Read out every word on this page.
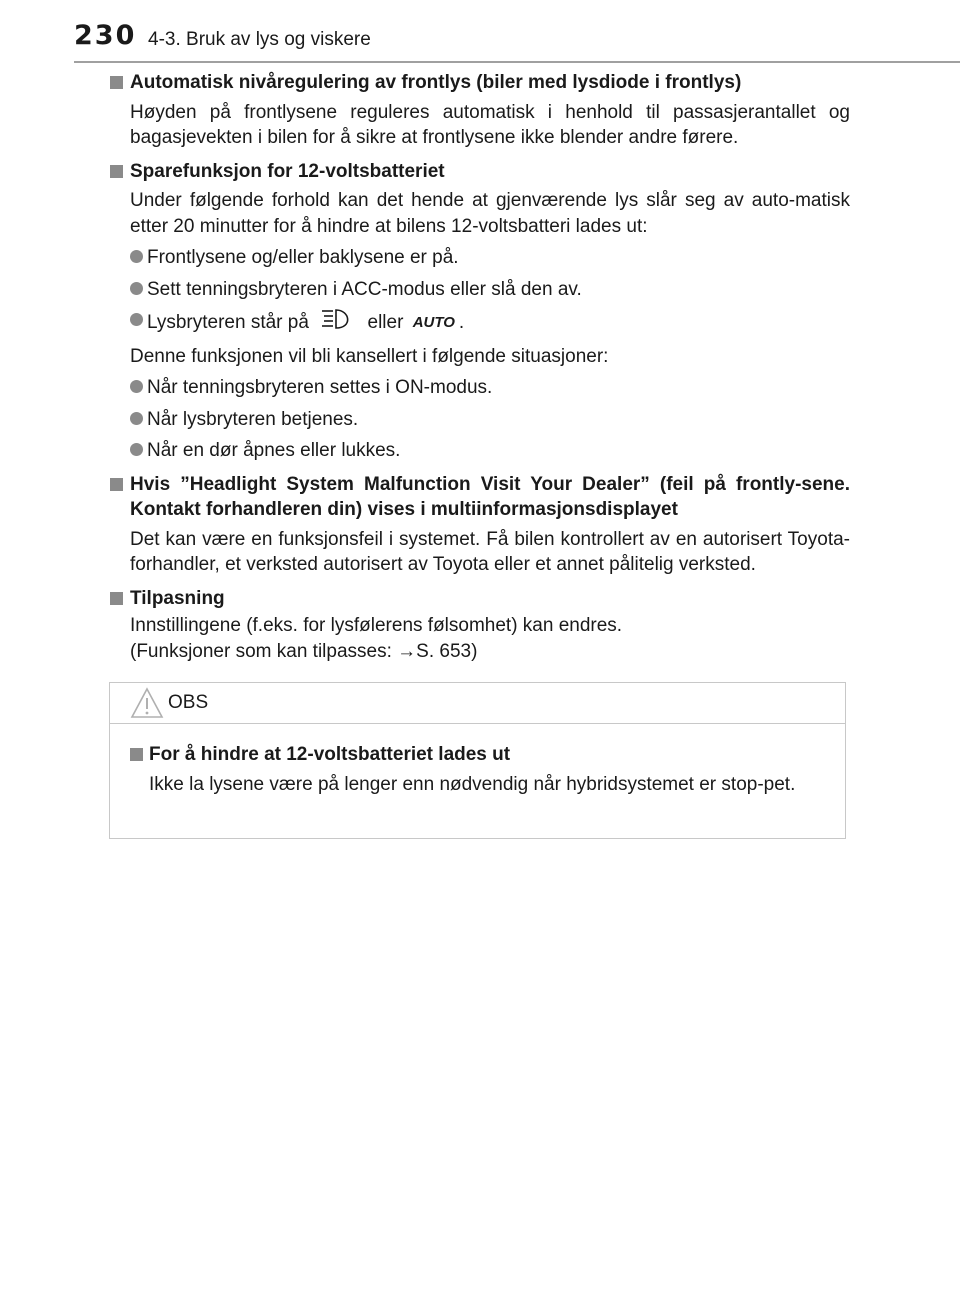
230 4-3. Bruk av lys og viskere
Automatisk nivåregulering av frontlys (biler med lysdiode i frontlys)
Høyden på frontlysene reguleres automatisk i henhold til passasjerantallet og bagasjevekten i bilen for å sikre at frontlysene ikke blender andre førere.
Sparefunksjon for 12-voltsbatteriet
Under følgende forhold kan det hende at gjenværende lys slår seg av auto-matisk etter 20 minutter for å hindre at bilens 12-voltsbatteri lades ut:
Frontlysene og/eller baklysene er på.
Sett tenningsbryteren i ACC-modus eller slå den av.
Lysbryteren står på	eller AUTO .
Denne funksjonen vil bli kansellert i følgende situasjoner:
Når tenningsbryteren settes i ON-modus.
Når lysbryteren betjenes.
Når en dør åpnes eller lukkes.
Hvis ”Headlight System Malfunction Visit Your Dealer” (feil på frontly-sene. Kontakt forhandleren din) vises i multiinformasjonsdisplayet
Det kan være en funksjonsfeil i systemet. Få bilen kontrollert av en autorisert Toyota-forhandler, et verksted autorisert av Toyota eller et annet pålitelig verksted.
Tilpasning
Innstillingene (f.eks. for lysfølerens følsomhet) kan endres.
(Funksjoner som kan tilpasses: →S. 653)
OBS
For å hindre at 12-voltsbatteriet lades ut
Ikke la lysene være på lenger enn nødvendig når hybridsystemet er stop-pet.
